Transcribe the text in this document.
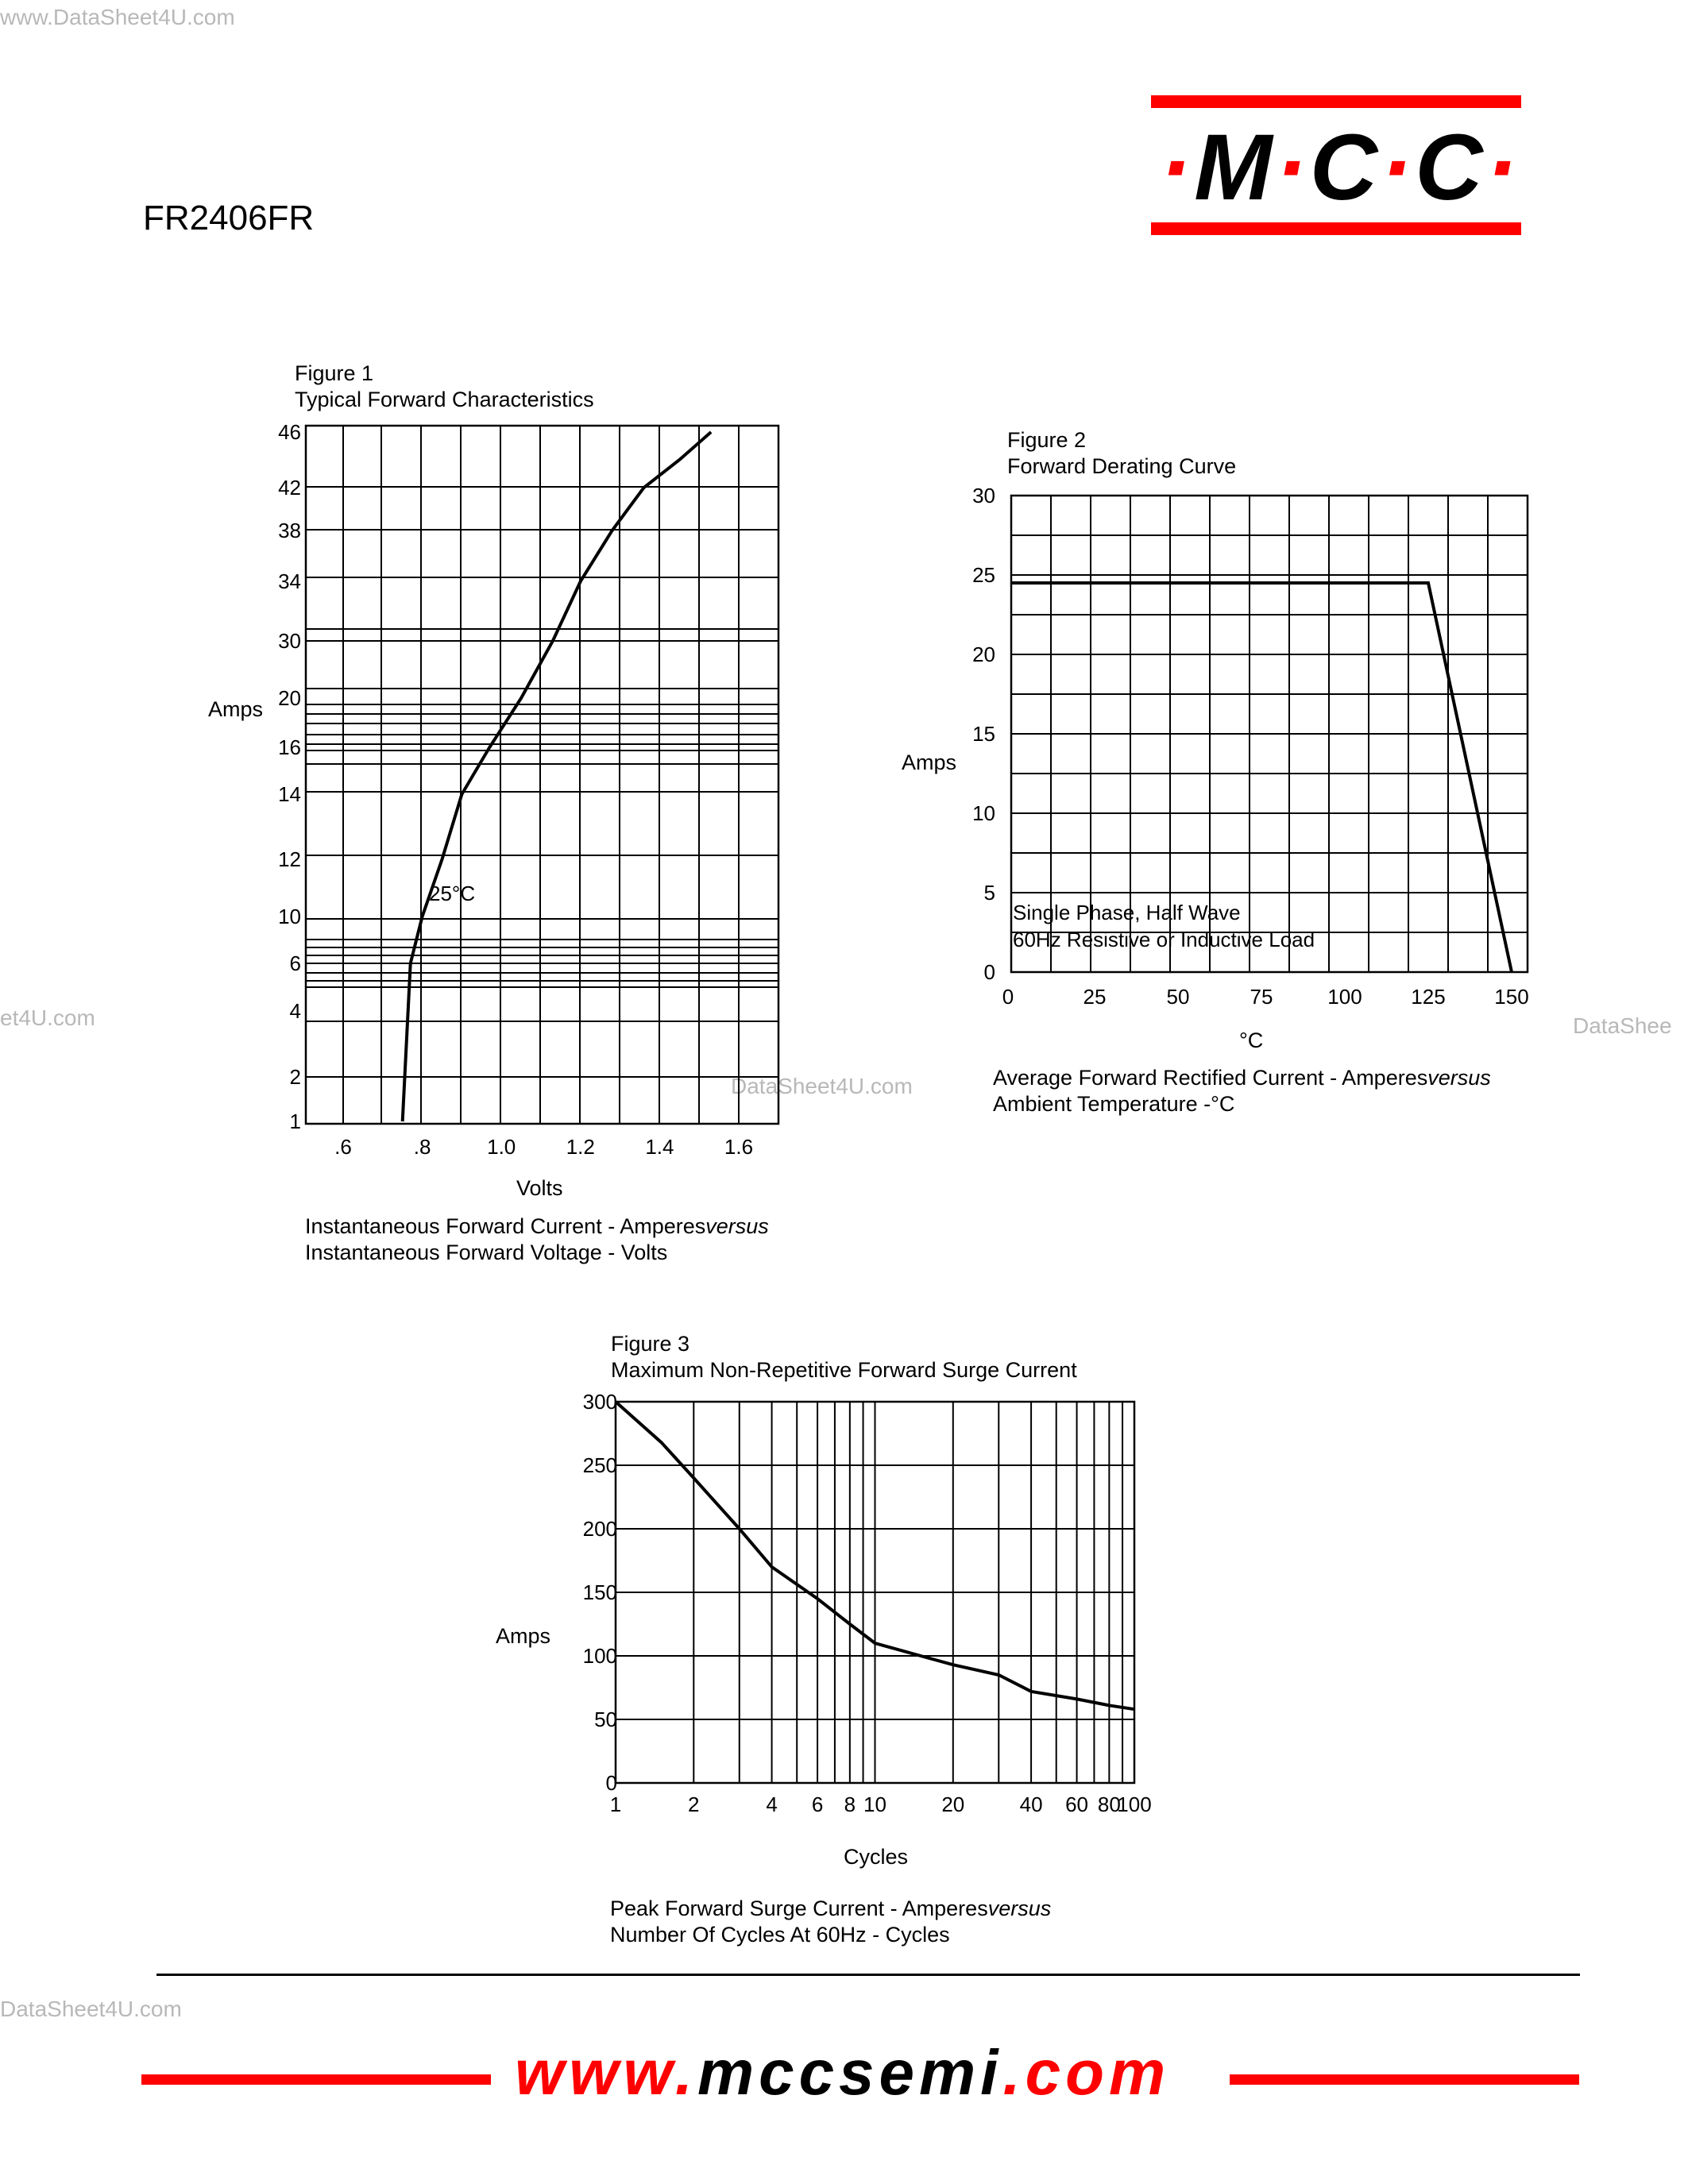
www.DataSheet4U.com
et4U.com
DataSheet4U.com
DataShee
DataSheet4U.com
FR2406FR	·M·C·C·
Figure 1
Typical Forward Characteristics
Amps
Volts
Instantaneous Forward Current - Amperesversus
Instantaneous Forward Voltage - Volts
46
42
38
34
30
20
16
14
12
10
6
4
2
1
.6	.8	1.0 1.2 1.4 1.6
25°C
Figure 2
Forward Derating Curve
Amps
°C
Average Forward Rectified Current - Amperesversus
Ambient Temperature -°C
30
25
20
15
10
5
0
0	25	50	75	100 125 150
Single Phase, Half Wave
60Hz Resistive or Inductive Load
Figure 3
Maximum Non-Repetitive Forward Surge Current
Amps
Cycles
Peak Forward Surge Current - Amperesversus
Number Of Cycles At 60Hz - Cycles
300
250
200
150
100
50
0
1	2	4 6 8 10	20	40 60 80
100
www.mccsemi.com
